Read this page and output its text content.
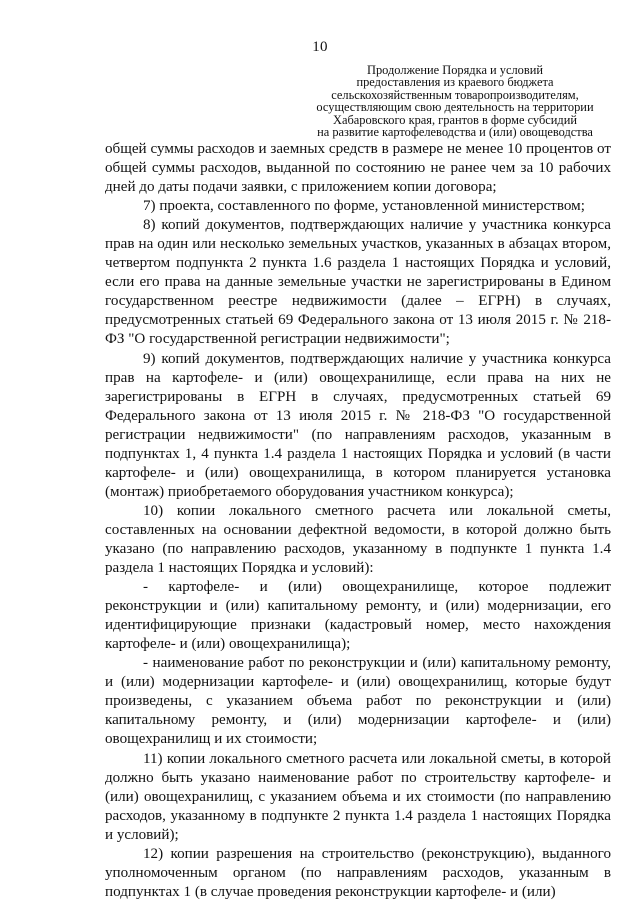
10
Продолжение Порядка и условий
предоставления из краевого бюджета
сельскохозяйственным товаропроизводителям,
осуществляющим свою деятельность на территории
Хабаровского края, грантов в форме субсидий
на развитие картофелеводства и (или) овощеводства

общей суммы расходов и заемных средств в размере не менее 10 процентов от общей суммы расходов, выданной по состоянию не ранее чем за 10 рабочих дней до даты подачи заявки, с приложением копии договора;

7) проекта, составленного по форме, установленной министерством;

8) копий документов, подтверждающих наличие у участника конкурса прав на один или несколько земельных участков, указанных в абзацах втором, четвертом подпункта 2 пункта 1.6 раздела 1 настоящих Порядка и условий, если его права на данные земельные участки не зарегистрированы в Едином государственном реестре недвижимости (далее – ЕГРН) в случаях, предусмотренных статьей 69 Федерального закона от 13 июля 2015 г. № 218-ФЗ "О государственной регистрации недвижимости";

9) копий документов, подтверждающих наличие у участника конкурса прав на картофеле- и (или) овощехранилище, если права на них не зарегистрированы в ЕГРН в случаях, предусмотренных статьей 69 Федерального закона от 13 июля 2015 г. № 218-ФЗ "О государственной регистрации недвижимости" (по направлениям расходов, указанным в подпунктах 1, 4 пункта 1.4 раздела 1 настоящих Порядка и условий (в части картофеле- и (или) овощехранилища, в котором планируется установка (монтаж) приобретаемого оборудования участником конкурса);

10) копии локального сметного расчета или локальной сметы, составленных на основании дефектной ведомости, в которой должно быть указано (по направлению расходов, указанному в подпункте 1 пункта 1.4 раздела 1 настоящих Порядка и условий):

- картофеле- и (или) овощехранилище, которое подлежит реконструкции и (или) капитальному ремонту, и (или) модернизации, его идентифицирующие признаки (кадастровый номер, место нахождения картофеле- и (или) овощехранилища);

- наименование работ по реконструкции и (или) капитальному ремонту, и (или) модернизации картофеле- и (или) овощехранилищ, которые будут произведены, с указанием объема работ по реконструкции и (или) капитальному ремонту, и (или) модернизации картофеле- и (или) овощехранилищ и их стоимости;

11) копии локального сметного расчета или локальной сметы, в которой должно быть указано наименование работ по строительству картофеле- и (или) овощехранилищ, с указанием объема и их стоимости (по направлению расходов, указанному в подпункте 2 пункта 1.4 раздела 1 настоящих Порядка и условий);

12) копии разрешения на строительство (реконструкцию), выданного уполномоченным органом (по направлениям расходов, указанным в подпунктах 1 (в случае проведения реконструкции картофеле- и (или)
